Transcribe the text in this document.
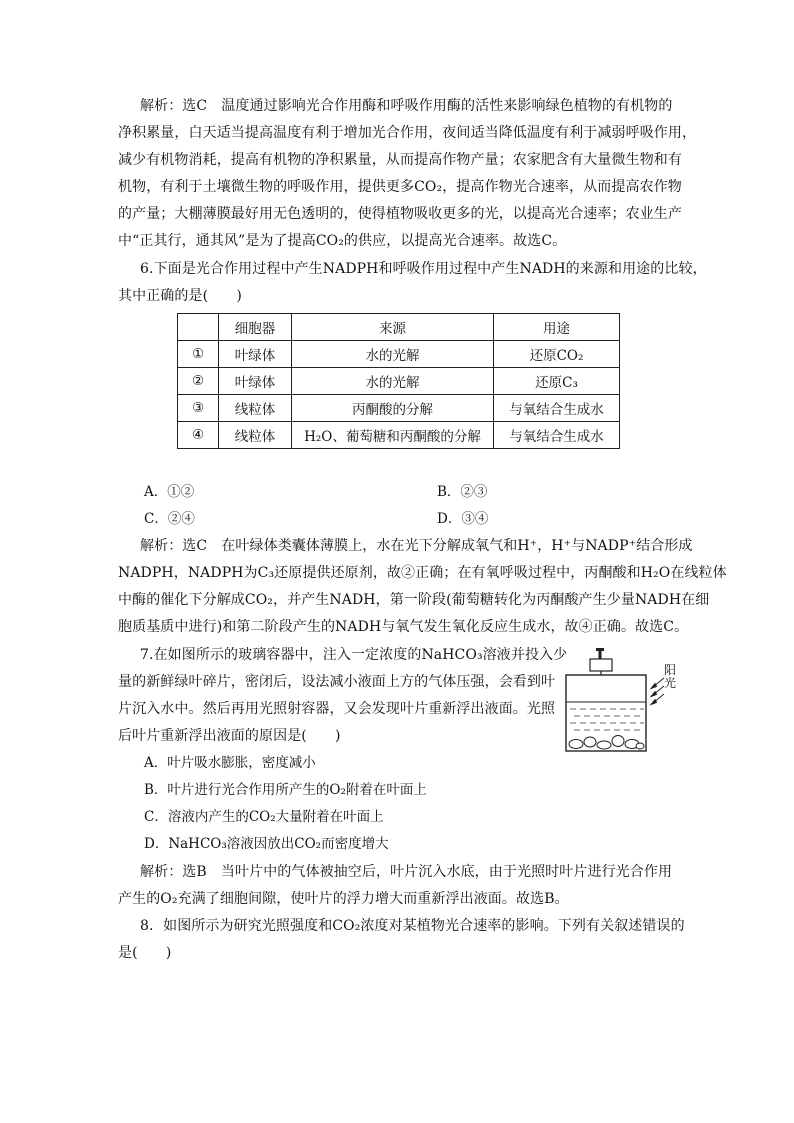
解析：选C　温度通过影响光合作用酶和呼吸作用酶的活性来影响绿色植物的有机物的
净积累量，白天适当提高温度有利于增加光合作用，夜间适当降低温度有利于减弱呼吸作用，
减少有机物消耗，提高有机物的净积累量，从而提高作物产量；农家肥含有大量微生物和有
机物，有利于土壤微生物的呼吸作用，提供更多CO₂，提高作物光合速率，从而提高农作物
的产量；大棚薄膜最好用无色透明的，使得植物吸收更多的光，以提高光合速率；农业生产
中“正其行，通其风”是为了提高CO₂的供应，以提高光合速率。故选C。
6.下面是光合作用过程中产生NADPH和呼吸作用过程中产生NADH的来源和用途的比较，
其中正确的是(　　)
	细胞器	来源	用途
①	叶绿体	水的光解	还原CO₂
②	叶绿体	水的光解	还原C₃
③	线粒体	丙酮酸的分解	与氧结合生成水
④	线粒体	H₂O、葡萄糖和丙酮酸的分解	与氧结合生成水
A．①②	B．②③
C．②④	D．③④
解析：选C　在叶绿体类囊体薄膜上，水在光下分解成氧气和H⁺，H⁺与NADP⁺结合形成
NADPH，NADPH为C₃还原提供还原剂，故②正确；在有氧呼吸过程中，丙酮酸和H₂O在线粒体
中酶的催化下分解成CO₂，并产生NADH，第一阶段(葡萄糖转化为丙酮酸产生少量NADH在细
胞质基质中进行)和第二阶段产生的NADH与氧气发生氧化反应生成水，故④正确。故选C。
7.在如图所示的玻璃容器中，注入一定浓度的NaHCO₃溶液并投入少
量的新鲜绿叶碎片，密闭后，设法减小液面上方的气体压强，会看到叶
片沉入水中。然后再用光照射容器，又会发现叶片重新浮出液面。光照
后叶片重新浮出液面的原因是(　　)
阳光
A．叶片吸水膨胀，密度减小
B．叶片进行光合作用所产生的O₂附着在叶面上
C．溶液内产生的CO₂大量附着在叶面上
D．NaHCO₃溶液因放出CO₂而密度增大
解析：选B　当叶片中的气体被抽空后，叶片沉入水底，由于光照时叶片进行光合作用
产生的O₂充满了细胞间隙，使叶片的浮力增大而重新浮出液面。故选B。
8．如图所示为研究光照强度和CO₂浓度对某植物光合速率的影响。下列有关叙述错误的
是(　　)
